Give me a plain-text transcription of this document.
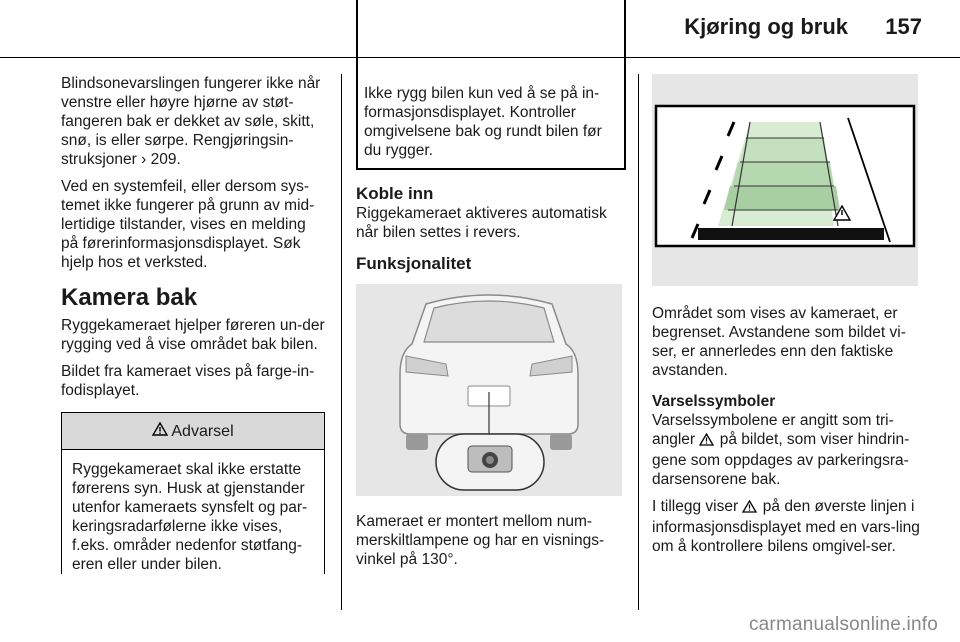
Kjøring og bruk 157

Blindsonevarslingen fungerer ikke når venstre eller høyre hjørne av støt-fangeren bak er dekket av søle, skitt, snø, is eller sørpe. Rengjøringsin-struksjoner › 209.

Ved en systemfeil, eller dersom sys-temet ikke fungerer på grunn av mid-lertidige tilstander, vises en melding på førerinformasjonsdisplayet. Søk hjelp hos et verksted.

Kamera bak

Ryggekameraet hjelper føreren un-der rygging ved å vise området bak bilen.

Bildet fra kameraet vises på farge-in-fodisplayet.

Advarsel
Ryggekameraet skal ikke erstatte førerens syn. Husk at gjenstander utenfor kameraets synsfelt og par-keringsradarfølerne ikke vises, f.eks. områder nedenfor støtfang-eren eller under bilen.
Ikke rygg bilen kun ved å se på in-formasjonsdisplayet. Kontroller omgivelsene bak og rundt bilen før du rygger.
Koble inn

Riggekameraet aktiveres automatisk når bilen settes i revers.

Funksjonalitet

Kameraet er montert mellom num-merskiltlampene og har en visnings-vinkel på 130°.

Området som vises av kameraet, er begrenset. Avstandene som bildet vi-ser, er annerledes enn den faktiske avstanden.

Varselssymboler

Varselssymbolene er angitt som tri-angler på bildet, som viser hindrin-gene som oppdages av parkeringsra-darsensorene bak.

I tillegg viser på den øverste linjen i informasjonsdisplayet med en vars-ling om å kontrollere bilens omgivel-ser.

carmanualsonline.info
